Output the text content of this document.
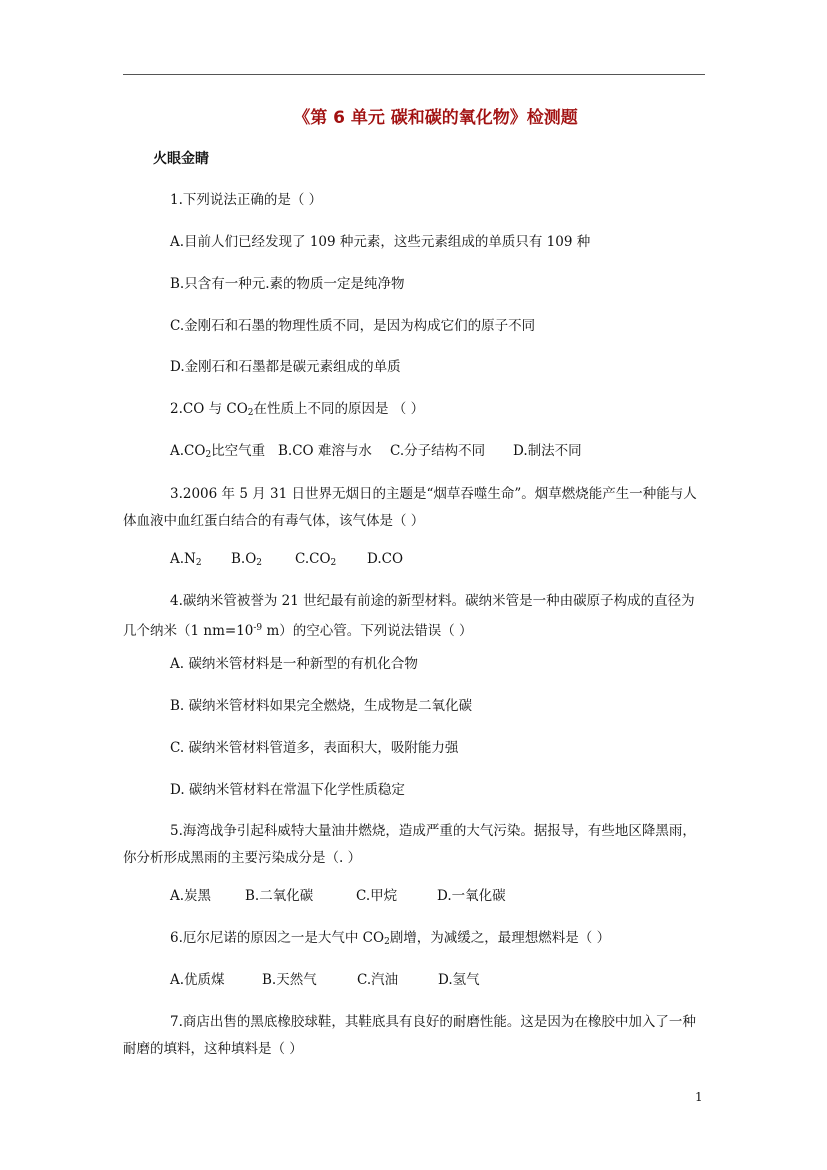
《第 6 单元 碳和碳的氧化物》检测题
火眼金睛
1.下列说法正确的是（ ）
A.目前人们已经发现了 109 种元素，这些元素组成的单质只有 109 种
B.只含有一种元.素的物质一定是纯净物
C.金刚石和石墨的物理性质不同，是因为构成它们的原子不同
D.金刚石和石墨都是碳元素组成的单质
2.CO 与 $CO_2$在性质上不同的原因是 （ ）
$A.CO_2$比空气重 B.CO 难溶与水 C.分子结构不同 D.制法不同
3.2006 年 5 月 31 日世界无烟日的主题是“烟草吞噬生命”。烟草燃烧能产生一种能与人体血液中血红蛋白结合的有毒气体，该气体是（ ）
$A.N_2$ $B.O_2$ $C.CO_2$ D.CO
4.碳纳米管被誉为 21 世纪最有前途的新型材料。碳纳米管是一种由碳原子构成的直径为几个纳米（1 $nm=10^{-9}$ m）的空心管。下列说法错误（ ）
A. 碳纳米管材料是一种新型的有机化合物
B. 碳纳米管材料如果完全燃烧，生成物是二氧化碳
C. 碳纳米管材料管道多，表面积大，吸附能力强
D. 碳纳米管材料在常温下化学性质稳定
5.海湾战争引起科威特大量油井燃烧，造成严重的大气污染。据报导，有些地区降黑雨，你分析形成黑雨的主要污染成分是（. ）
A.炭黑	B.二氧化碳	C.甲烷	D.一氧化碳
6.厄尔尼诺的原因之一是大气中 $CO_2$剧增，为减缓之，最理想燃料是（ ）
A.优质煤	B.天然气	C.汽油	D.氢气
7.商店出售的黑底橡胶球鞋，其鞋底具有良好的耐磨性能。这是因为在橡胶中加入了一种耐磨的填料，这种填料是（ ）
1
